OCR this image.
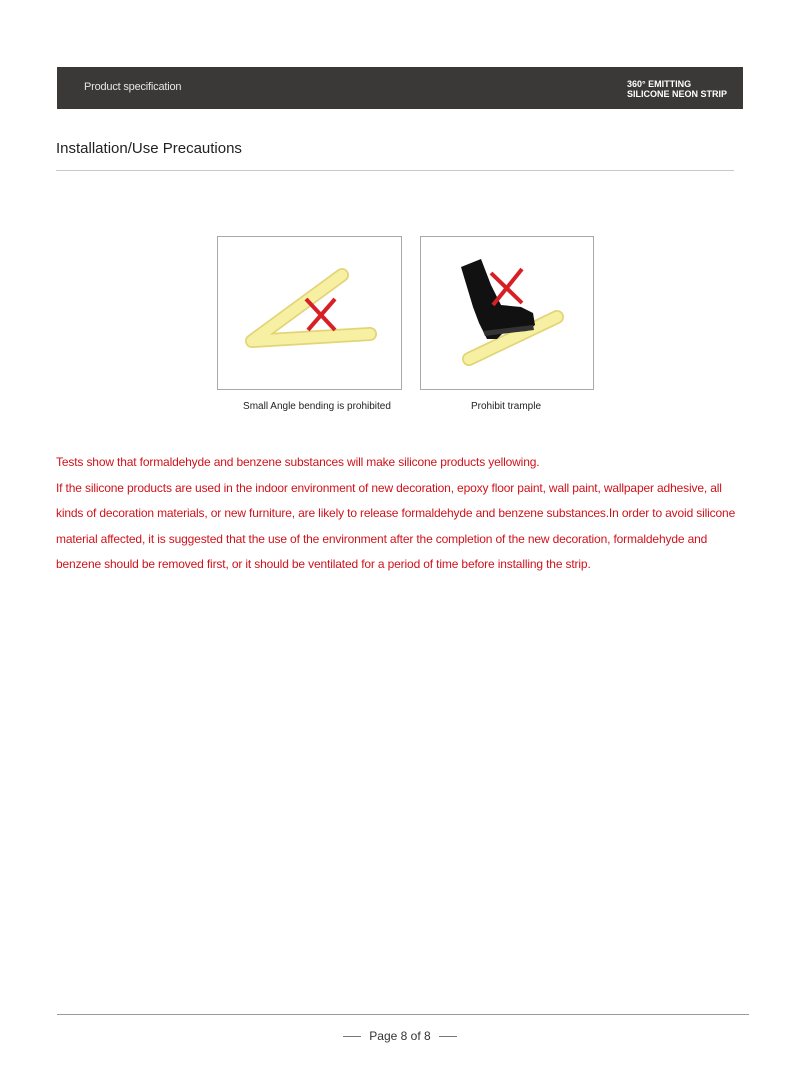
Product specification	360° EMITTING
SILICONE NEON STRIP
Installation/Use Precautions
Small Angle bending is prohibited	Prohibit trample

Tests show that formaldehyde and benzene substances will make silicone products yellowing.

If the silicone products are used in the indoor environment of new decoration, epoxy floor paint, wall paint, wallpaper adhesive, all kinds of decoration materials, or new furniture, are likely to release formaldehyde and benzene substances.In order to avoid silicone material affected, it is suggested that the use of the environment after the completion of the new decoration, formaldehyde and benzene should be removed first, or it should be ventilated for a period of time before installing the strip.

Page 8 of 8
